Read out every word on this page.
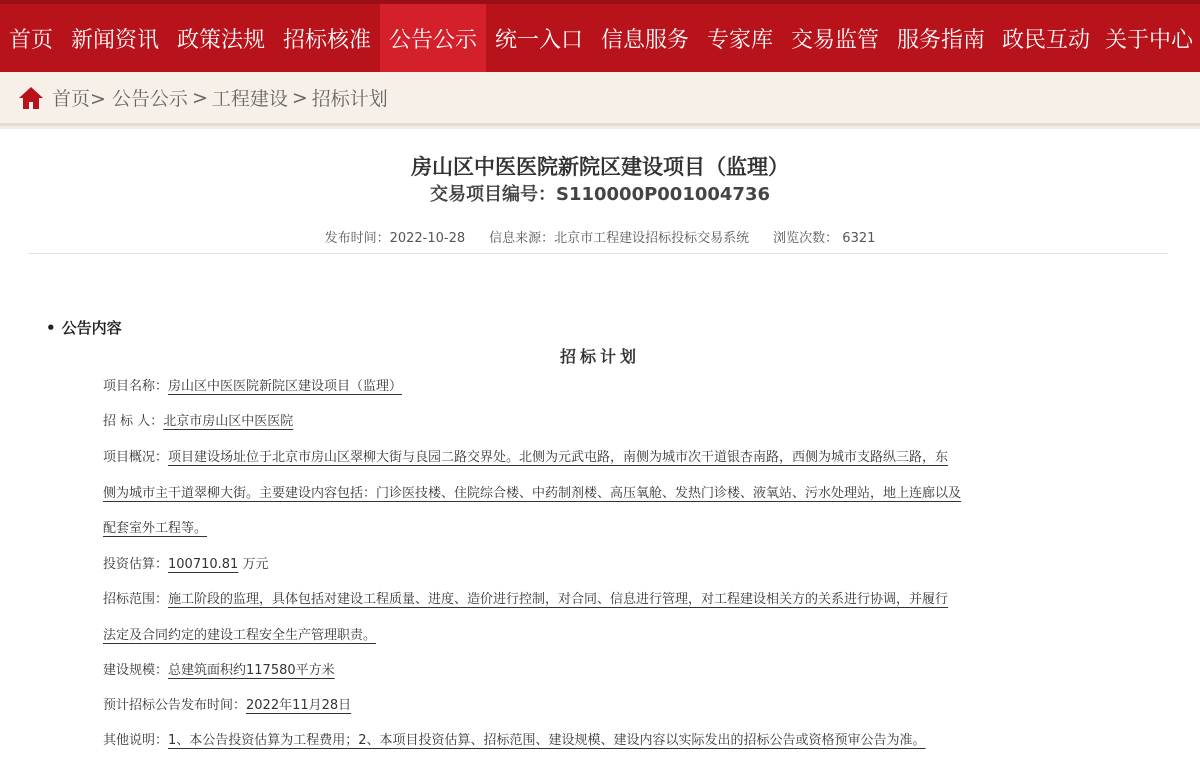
首页 新闻资讯 政策法规 招标核准 公告公示 统一入口 信息服务 专家库 交易监管 服务指南 政民互动 关于中心
首页> 公告公示 > 工程建设 > 招标计划
房山区中医医院新院区建设项目（监理）
交易项目编号：S110000P001004736
发布时间：2022-10-28 信息来源：北京市工程建设招标投标交易系统 浏览次数： 6321
• 公告内容
招标计划
项目名称：房山区中医医院新院区建设项目（监理）
招 标 人：北京市房山区中医医院
项目概况：项目建设场址位于北京市房山区翠柳大街与良园二路交界处。北侧为元武屯路，南侧为城市次干道银杏南路，西侧为城市支路纵三路，东
侧为城市主干道翠柳大街。主要建设内容包括：门诊医技楼、住院综合楼、中药制剂楼、高压氧舱、发热门诊楼、液氧站、污水处理站，地上连廊以及
配套室外工程等。
投资估算：100710.81 万元
招标范围：施工阶段的监理，具体包括对建设工程质量、进度、造价进行控制，对合同、信息进行管理，对工程建设相关方的关系进行协调，并履行
法定及合同约定的建设工程安全生产管理职责。
建设规模：总建筑面积约117580平方米
预计招标公告发布时间：2022年11月28日
其他说明：1、本公告投资估算为工程费用；2、本项目投资估算、招标范围、建设规模、建设内容以实际发出的招标公告或资格预审公告为准。
